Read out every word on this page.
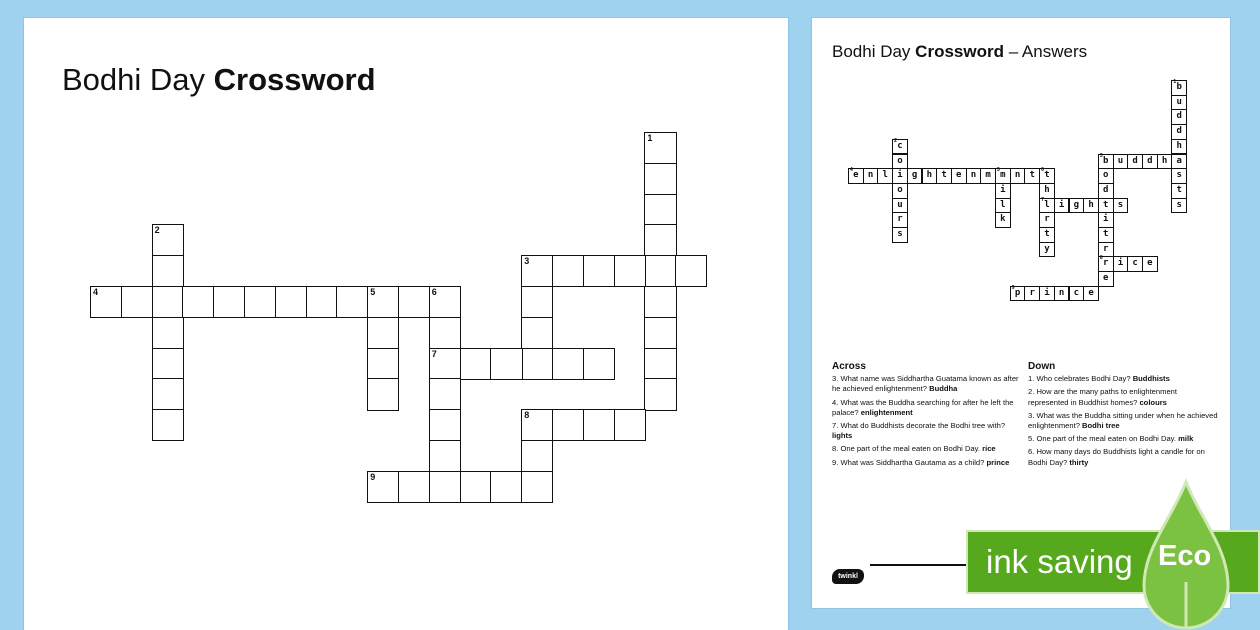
Bodhi Day Crossword
1
2
3
4	5	6
7
8
9
Bodhi Day Crossword – Answers
b
1
u
d
d
h
a
s
t
s
c
2
o
i
o
u
r
s
b
3	u	d	d	h
o
d
t
i
t
r
r
8
e
e
4	n	l	g	h	t	e	n	m	m
5	n	t
i
l
k
t
6
h
l
7
r
t
y
i	g	h	s
i	c	e
p
9	r	i	n	c	e
Across
3. What name was Siddhartha Guatama known as after he achieved enlightenment? Buddha
4. What was the Buddha searching for after he left the palace? enlightenment
7. What do Buddhists decorate the Bodhi tree with? lights
8. One part of the meal eaten on Bodhi Day. rice
9. What was Siddhartha Gautama as a child? prince
Down
1. Who celebrates Bodhi Day? Buddhists
2. How are the many paths to enlightenment represented in Buddhist homes? colours
3. What was the Buddha sitting under when he achieved enlightenment? Bodhi tree
5. One part of the meal eaten on Bodhi Day. milk
6. How many days do Buddhists light a candle for on Bodhi Day? thirty
twinkl	ink saving Eco
